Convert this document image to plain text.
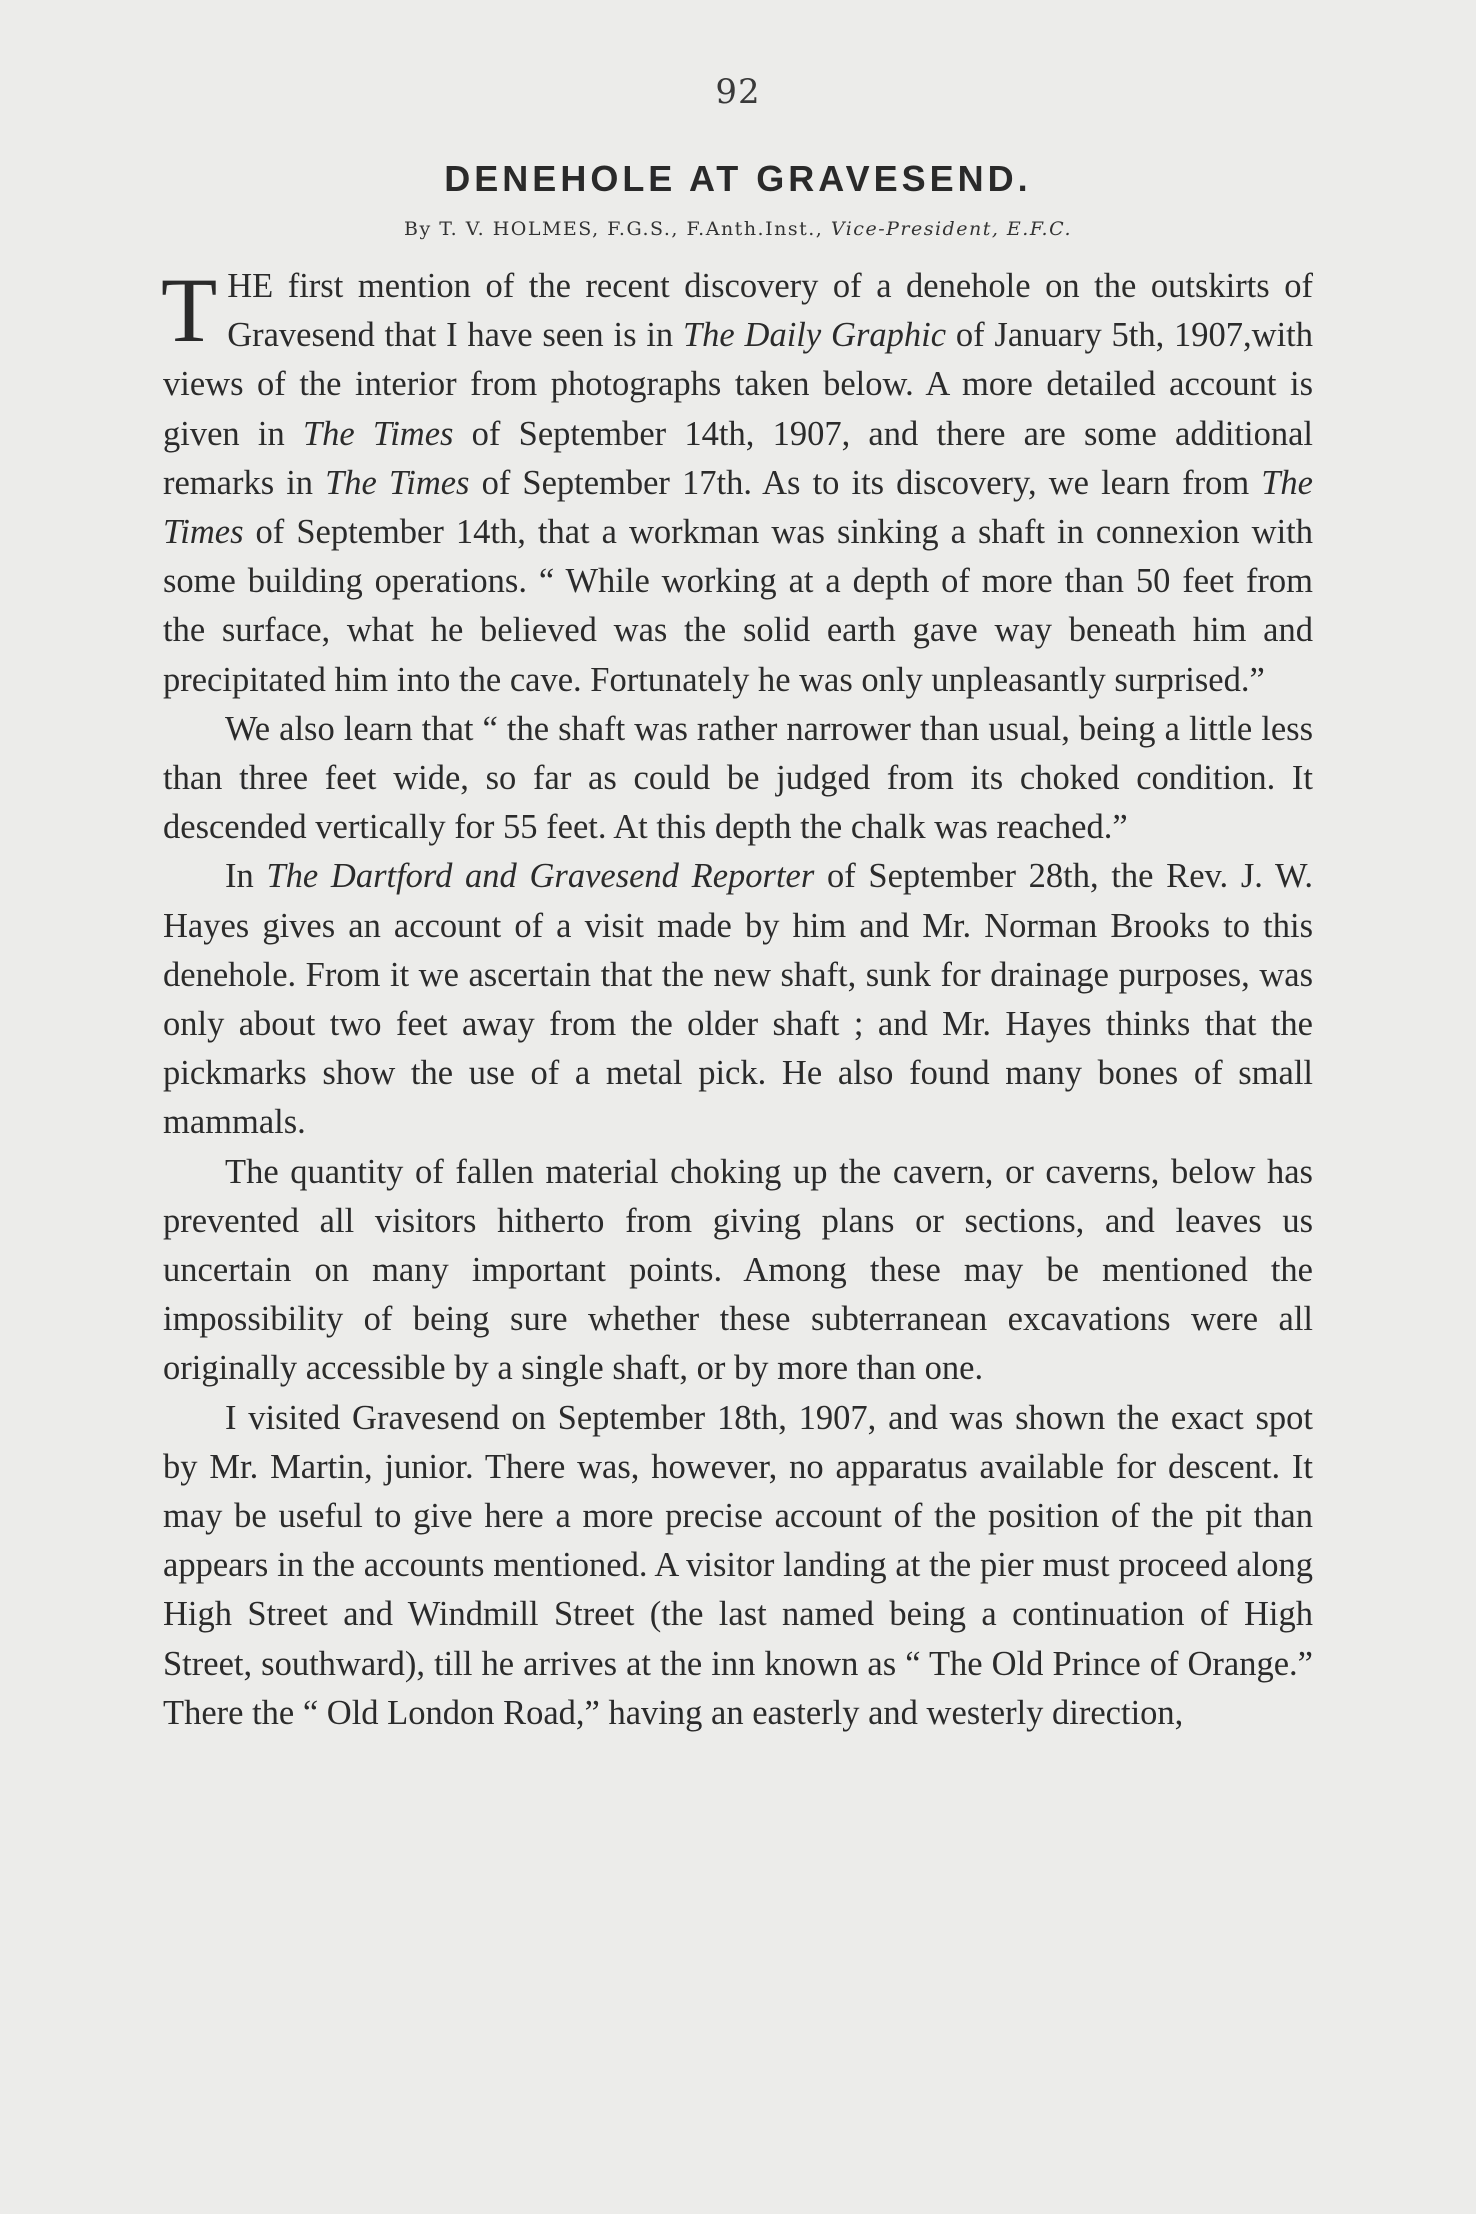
92
DENEHOLE AT GRAVESEND.
By T. V. HOLMES, F.G.S., F.Anth.Inst., Vice-President, E.F.C.

THE first mention of the recent discovery of a denehole on the outskirts of Gravesend that I have seen is in The Daily Graphic of January 5th, 1907,with views of the interior from photographs taken below. A more detailed account is given in The Times of September 14th, 1907, and there are some additional remarks in The Times of September 17th. As to its discovery, we learn from The Times of September 14th, that a workman was sinking a shaft in connexion with some building operations. “ While working at a depth of more than 50 feet from the surface, what he believed was the solid earth gave way beneath him and precipitated him into the cave. Fortunately he was only unpleasantly surprised.”

We also learn that “ the shaft was rather narrower than usual, being a little less than three feet wide, so far as could be judged from its choked condition. It descended vertically for 55 feet. At this depth the chalk was reached.”

In The Dartford and Gravesend Reporter of September 28th, the Rev. J. W. Hayes gives an account of a visit made by him and Mr. Norman Brooks to this denehole. From it we ascertain that the new shaft, sunk for drainage purposes, was only about two feet away from the older shaft ; and Mr. Hayes thinks that the pickmarks show the use of a metal pick. He also found many bones of small mammals.

The quantity of fallen material choking up the cavern, or caverns, below has prevented all visitors hitherto from giving plans or sections, and leaves us uncertain on many important points. Among these may be mentioned the impossibility of being sure whether these subterranean excavations were all originally accessible by a single shaft, or by more than one.

I visited Gravesend on September 18th, 1907, and was shown the exact spot by Mr. Martin, junior. There was, however, no apparatus available for descent. It may be useful to give here a more precise account of the position of the pit than appears in the accounts mentioned. A visitor landing at the pier must proceed along High Street and Windmill Street (the last named being a continuation of High Street, southward), till he arrives at the inn known as “ The Old Prince of Orange.” There the “ Old London Road,” having an easterly and westerly direction,
